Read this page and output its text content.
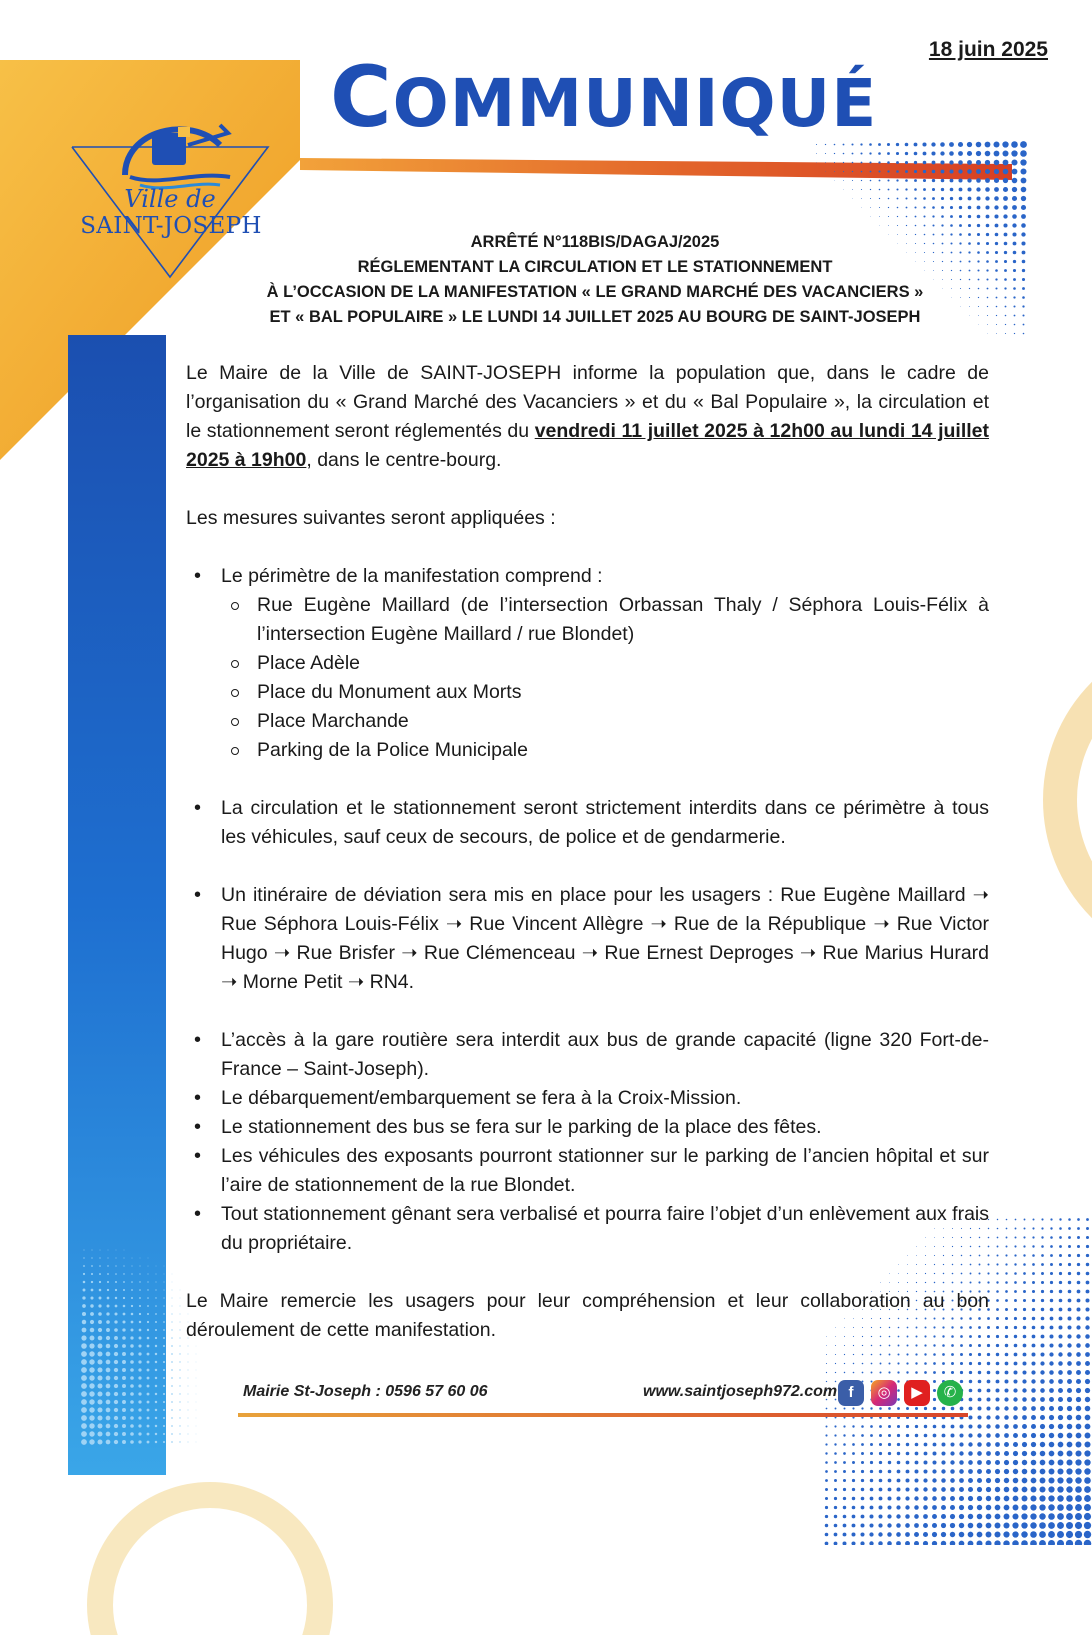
Ville de
SAINT-JOSEPH
18 juin 2025
COMMUNIQUÉ
ARRÊTÉ N°118BIS/DAGAJ/2025
RÉGLEMENTANT LA CIRCULATION ET LE STATIONNEMENT
À L’OCCASION DE LA MANIFESTATION « LE GRAND MARCHÉ DES VACANCIERS »
ET « BAL POPULAIRE » LE LUNDI 14 JUILLET 2025 AU BOURG DE SAINT-JOSEPH

Le Maire de la Ville de SAINT-JOSEPH informe la population que, dans le cadre de l’organisation du « Grand Marché des Vacanciers » et du « Bal Populaire », la circulation et le stationnement seront réglementés du vendredi 11 juillet 2025 à 12h00 au lundi 14 juillet 2025 à 19h00, dans le centre-bourg.

Les mesures suivantes seront appliquées :

• Le périmètre de la manifestation comprend :
Rue Eugène Maillard (de l’intersection Orbassan Thaly / Séphora Louis-Félix à l’intersection Eugène Maillard / rue Blondet)
Place Adèle
Place du Monument aux Morts
Place Marchande
Parking de la Police Municipale
• La circulation et le stationnement seront strictement interdits dans ce périmètre à tous les véhicules, sauf ceux de secours, de police et de gendarmerie.
• Un itinéraire de déviation sera mis en place pour les usagers : Rue Eugène Maillard ➝ Rue Séphora Louis-Félix ➝ Rue Vincent Allègre ➝ Rue de la République ➝ Rue Victor Hugo ➝ Rue Brisfer ➝ Rue Clémenceau ➝ Rue Ernest Deproges ➝ Rue Marius Hurard ➝ Morne Petit ➝ RN4.
• L’accès à la gare routière sera interdit aux bus de grande capacité (ligne 320 Fort-de-France – Saint-Joseph).
• Le débarquement/embarquement se fera à la Croix-Mission.
• Le stationnement des bus se fera sur le parking de la place des fêtes.
• Les véhicules des exposants pourront stationner sur le parking de l’ancien hôpital et sur l’aire de stationnement de la rue Blondet.
• Tout stationnement gênant sera verbalisé et pourra faire l’objet d’un enlèvement aux frais du propriétaire.

Le Maire remercie les usagers pour leur compréhension et leur collaboration au bon déroulement de cette manifestation.

Mairie St-Joseph : 0596 57 60 06	www.saintjoseph972.com f	◎	▶	✆
